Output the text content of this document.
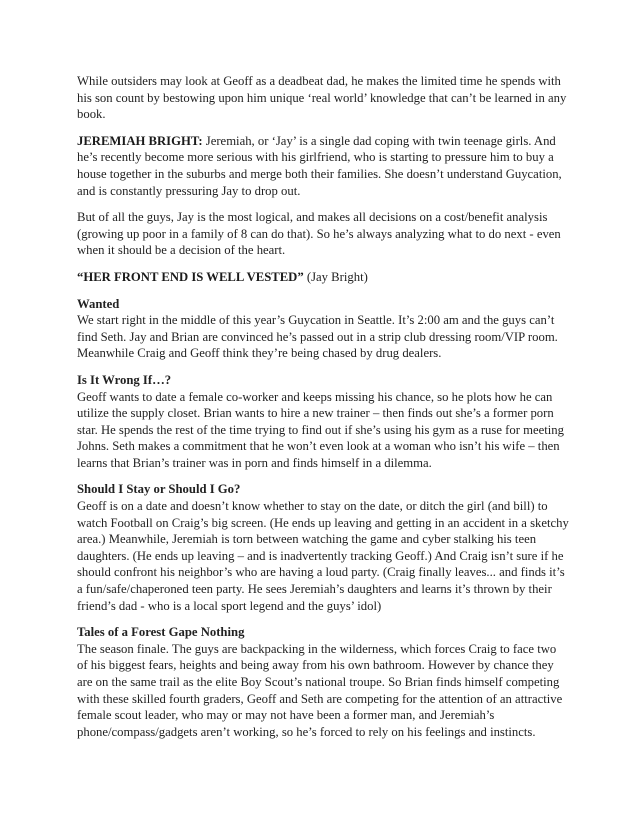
While outsiders may look at Geoff as a deadbeat dad, he makes the limited time he spends with his son count by bestowing upon him unique ‘real world’ knowledge that can’t be learned in any book.

JEREMIAH BRIGHT: Jeremiah, or ‘Jay’ is a single dad coping with twin teenage girls. And he’s recently become more serious with his girlfriend, who is starting to pressure him to buy a house together in the suburbs and merge both their families. She doesn’t understand Guycation, and is constantly pressuring Jay to drop out.

But of all the guys, Jay is the most logical, and makes all decisions on a cost/benefit analysis (growing up poor in a family of 8 can do that). So he’s always analyzing what to do next - even when it should be a decision of the heart.

“HER FRONT END IS WELL VESTED” (Jay Bright)

Wanted
We start right in the middle of this year’s Guycation in Seattle. It’s 2:00 am and the guys can’t find Seth. Jay and Brian are convinced he’s passed out in a strip club dressing room/VIP room. Meanwhile Craig and Geoff think they’re being chased by drug dealers.

Is It Wrong If…?
Geoff wants to date a female co-worker and keeps missing his chance, so he plots how he can utilize the supply closet. Brian wants to hire a new trainer – then finds out she’s a former porn star. He spends the rest of the time trying to find out if she’s using his gym as a ruse for meeting Johns. Seth makes a commitment that he won’t even look at a woman who isn’t his wife – then learns that Brian’s trainer was in porn and finds himself in a dilemma.

Should I Stay or Should I Go?
Geoff is on a date and doesn’t know whether to stay on the date, or ditch the girl (and bill) to watch Football on Craig’s big screen. (He ends up leaving and getting in an accident in a sketchy area.) Meanwhile, Jeremiah is torn between watching the game and cyber stalking his teen daughters. (He ends up leaving – and is inadvertently tracking Geoff.) And Craig isn’t sure if he should confront his neighbor’s who are having a loud party. (Craig finally leaves... and finds it’s a fun/safe/chaperoned teen party. He sees Jeremiah’s daughters and learns it’s thrown by their friend’s dad - who is a local sport legend and the guys’ idol)

Tales of a Forest Gape Nothing
The season finale. The guys are backpacking in the wilderness, which forces Craig to face two of his biggest fears, heights and being away from his own bathroom. However by chance they are on the same trail as the elite Boy Scout’s national troupe. So Brian finds himself competing with these skilled fourth graders, Geoff and Seth are competing for the attention of an attractive female scout leader, who may or may not have been a former man, and Jeremiah’s phone/compass/gadgets aren’t working, so he’s forced to rely on his feelings and instincts.
